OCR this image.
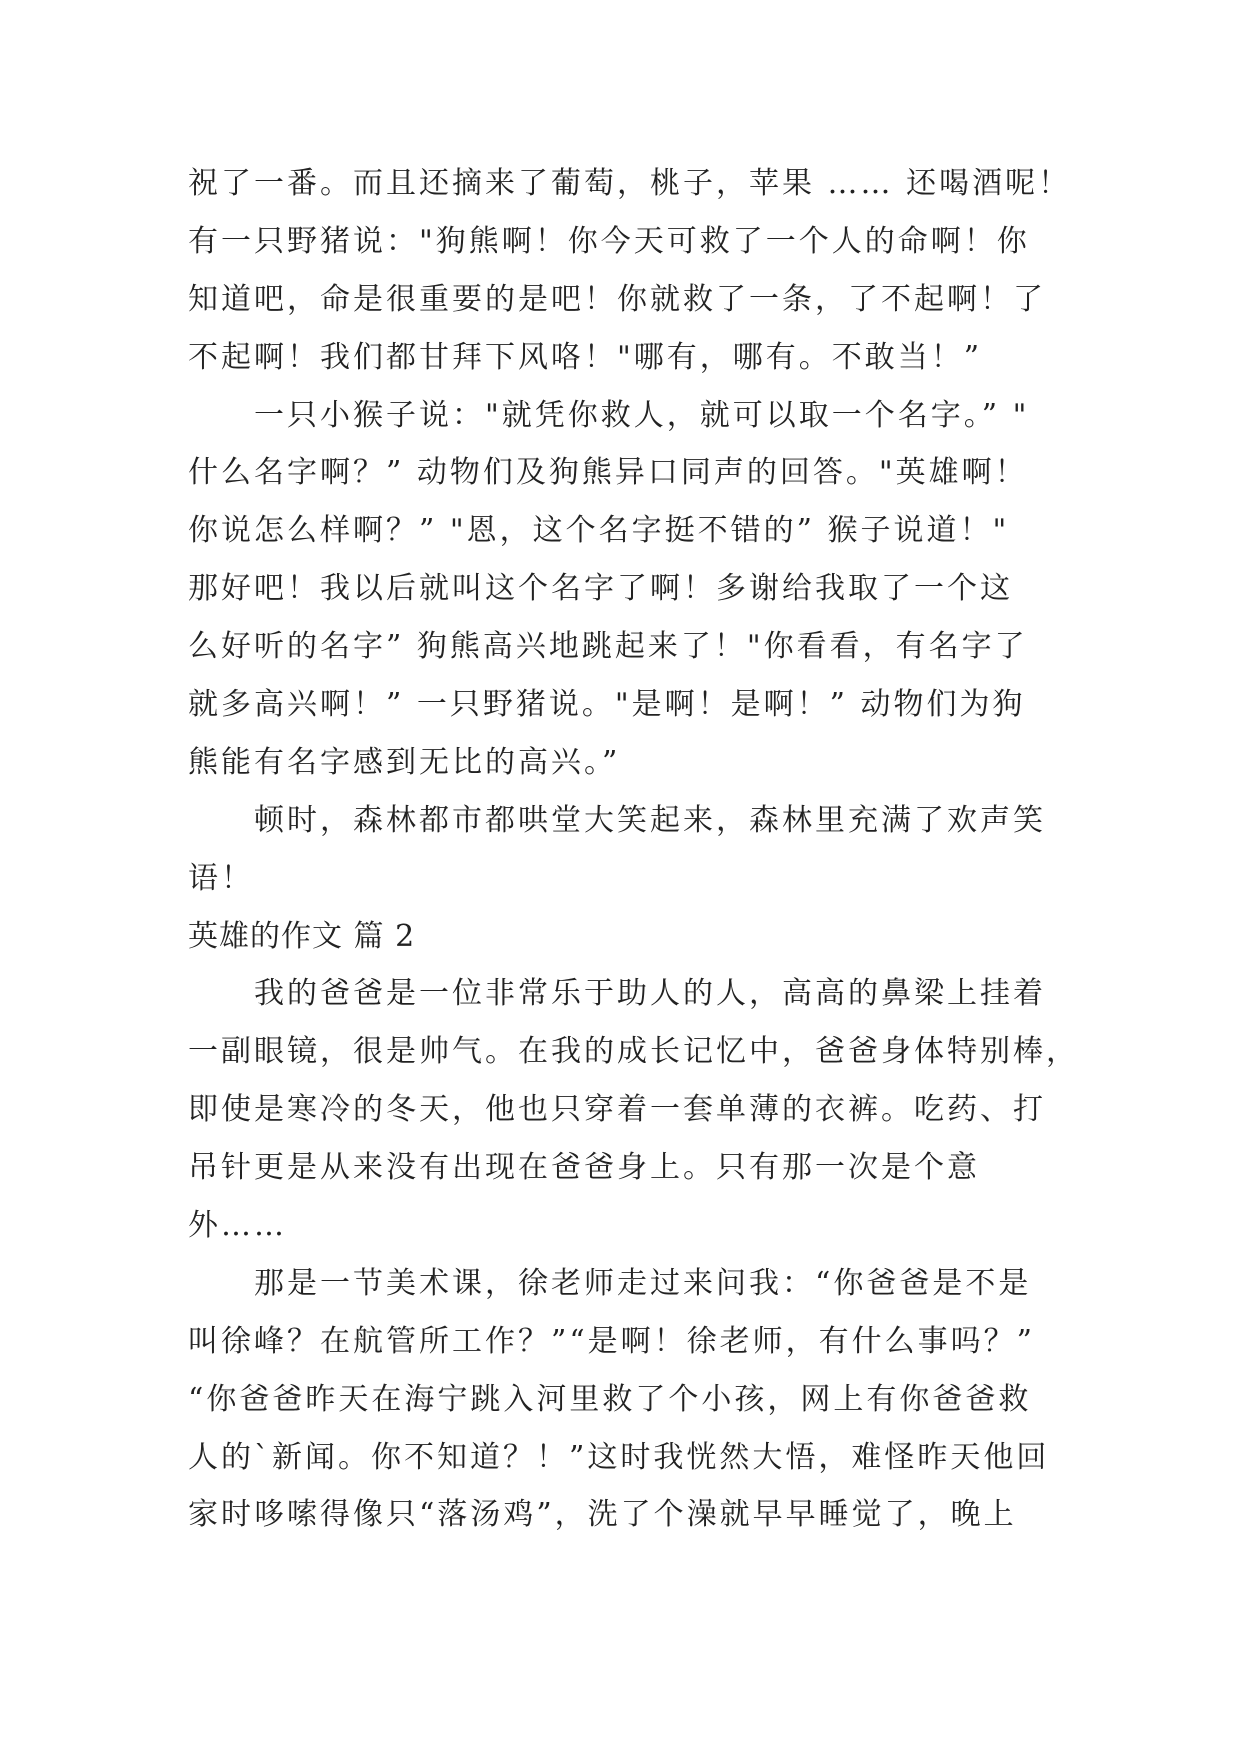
祝了一番。而且还摘来了葡萄，桃子，苹果 …… 还喝酒呢！
有一只野猪说："狗熊啊！你今天可救了一个人的命啊！你
知道吧，命是很重要的是吧！你就救了一条，了不起啊！了
不起啊！我们都甘拜下风咯！"哪有，哪有。不敢当！”
一只小猴子说："就凭你救人，就可以取一个名字。” "
什么名字啊？” 动物们及狗熊异口同声的回答。"英雄啊！
你说怎么样啊？” "恩，这个名字挺不错的” 猴子说道！"
那好吧！我以后就叫这个名字了啊！多谢给我取了一个这
么好听的名字” 狗熊高兴地跳起来了！"你看看，有名字了
就多高兴啊！” 一只野猪说。"是啊！是啊！” 动物们为狗
熊能有名字感到无比的高兴。”
顿时，森林都市都哄堂大笑起来，森林里充满了欢声笑
语！
英雄的作文 篇 2
我的爸爸是一位非常乐于助人的人，高高的鼻梁上挂着
一副眼镜，很是帅气。在我的成长记忆中，爸爸身体特别棒，
即使是寒冷的冬天，他也只穿着一套单薄的衣裤。吃药、打
吊针更是从来没有出现在爸爸身上。只有那一次是个意
外……
那是一节美术课，徐老师走过来问我：“你爸爸是不是
叫徐峰？在航管所工作？”“是啊！徐老师，有什么事吗？”
“你爸爸昨天在海宁跳入河里救了个小孩，网上有你爸爸救
人的`新闻。你不知道？！”这时我恍然大悟，难怪昨天他回
家时哆嗦得像只“落汤鸡”，洗了个澡就早早睡觉了，晚上
